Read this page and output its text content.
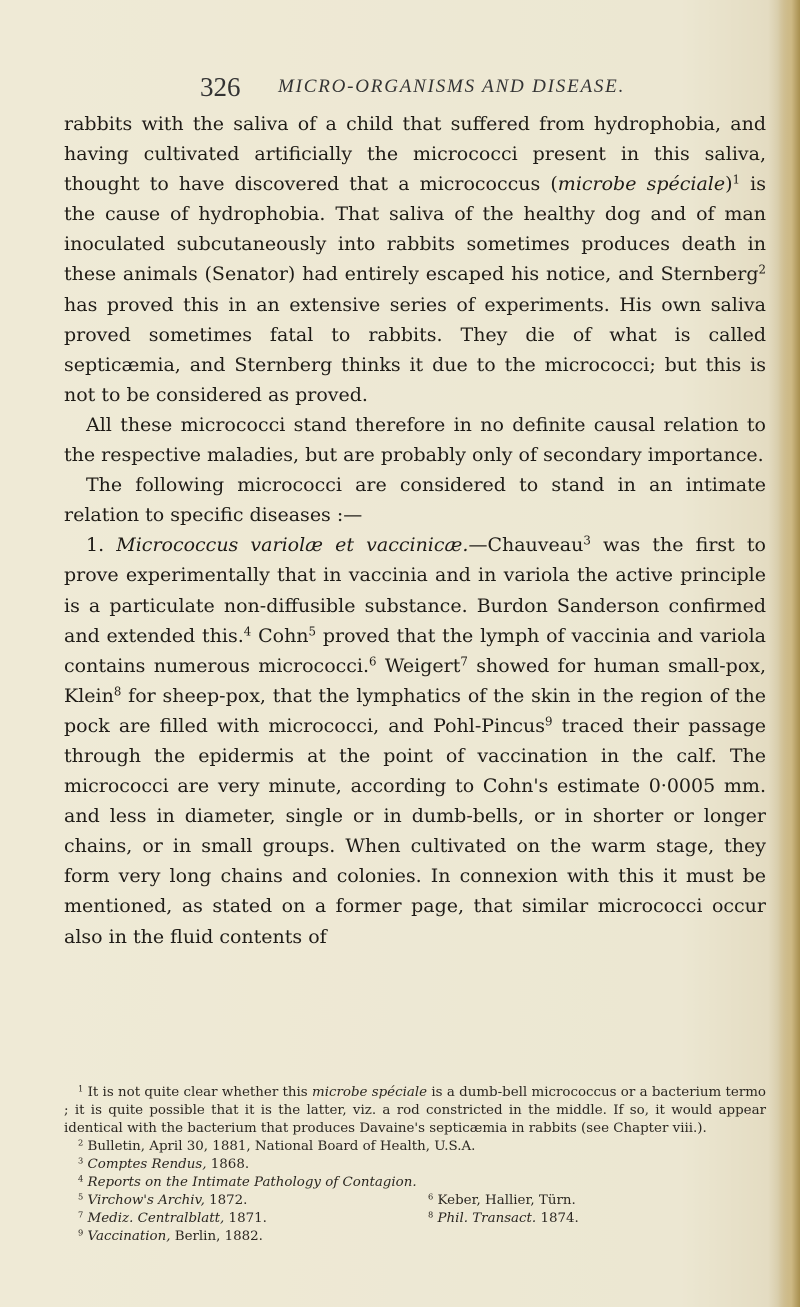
326 MICRO-ORGANISMS AND DISEASE.

rabbits with the saliva of a child that suffered from hydrophobia, and having cultivated artificially the micrococci present in this saliva, thought to have discovered that a micrococcus (microbe spéciale)$^1$ is the cause of hydrophobia. That saliva of the healthy dog and of man inoculated subcutaneously into rabbits sometimes produces death in these animals (Senator) had entirely escaped his notice, and Sternberg$^2$ has proved this in an extensive series of experiments. His own saliva proved sometimes fatal to rabbits. They die of what is called septicæmia, and Sternberg thinks it due to the micrococci; but this is not to be considered as proved.

All these micrococci stand therefore in no definite causal relation to the respective maladies, but are probably only of secondary importance.

The following micrococci are considered to stand in an intimate relation to specific diseases :—

1. Micrococcus variolæ et vaccinicæ.—Chauveau$^3$ was the first to prove experimentally that in vaccinia and in variola the active principle is a particulate non-diffusible substance. Burdon Sanderson confirmed and extended this.$^4$ Cohn$^5$ proved that the lymph of vaccinia and variola contains numerous micrococci.$^6$ Weigert$^7$ showed for human small-pox, Klein$^8$ for sheep-pox, that the lymphatics of the skin in the region of the pock are filled with micrococci, and Pohl-Pincus$^9$ traced their passage through the epidermis at the point of vaccination in the calf. The micrococci are very minute, according to Cohn's estimate 0·0005 mm. and less in diameter, single or in dumb-bells, or in shorter or longer chains, or in small groups. When cultivated on the warm stage, they form very long chains and colonies. In connexion with this it must be mentioned, as stated on a former page, that similar micrococci occur also in the fluid contents of

$^1$ It is not quite clear whether this microbe spéciale is a dumb-bell micrococcus or a bacterium termo ; it is quite possible that it is the latter, viz. a rod constricted in the middle. If so, it would appear identical with the bacterium that produces Davaine's septicæmia in rabbits (see Chapter viii.).

$^2$ Bulletin, April 30, 1881, National Board of Health, U.S.A.

$^3$ Comptes Rendus, 1868.

$^4$ Reports on the Intimate Pathology of Contagion.

$^5$ Virchow's Archiv, 1872.	$^6$ Keber, Hallier, Türn.
$^7$ Mediz. Centralblatt, 1871.	$^8$ Phil. Transact. 1874.

$^9$ Vaccination, Berlin, 1882.
